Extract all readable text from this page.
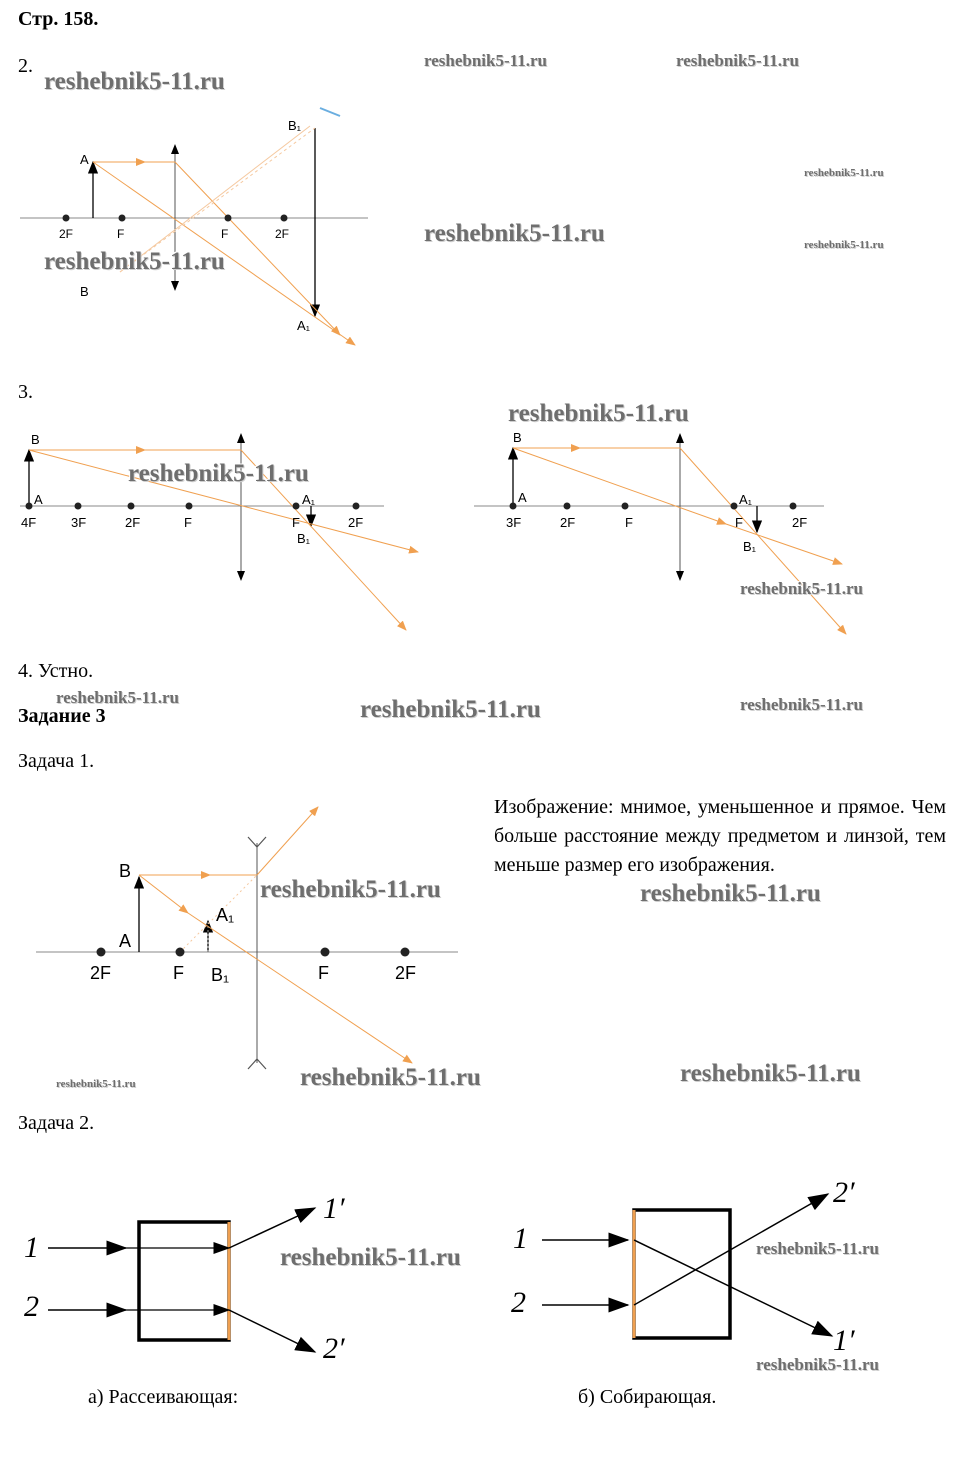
Стр. 158.
2.
3.
4. Устно.
Задание 3
Задача 1.
Задача 2.
Изображение: мнимое, уменьшенное и прямое. Чем больше расстояние между предметом и линзой, тем меньше размер его изображения.
2F	F	F	2F
A
B
B₁
A₁
4F	3F	2F	F	F	2F
B
A	A₁
B₁
3F	2F	F	F	2F
B
A	A₁
B₁
2F	F B₁	F	2F
B
A
A₁
1
2
1′
2′
1
2
2′
1′
а) Рассеивающая:	б) Собирающая.
reshebnik5-11.ru
reshebnik5-11.ru	reshebnik5-11.ru
reshebnik5-11.ru
reshebnik5-11.ru	reshebnik5-11.ru
reshebnik5-11.ru
reshebnik5-11.ru
reshebnik5-11.ru
reshebnik5-11.ru
reshebnik5-11.ru	reshebnik5-11.ru	reshebnik5-11.ru
reshebnik5-11.ru	reshebnik5-11.ru
reshebnik5-11.ru
reshebnik5-11.ru
reshebnik5-11.ru
reshebnik5-11.ru	reshebnik5-11.ru
reshebnik5-11.ru
